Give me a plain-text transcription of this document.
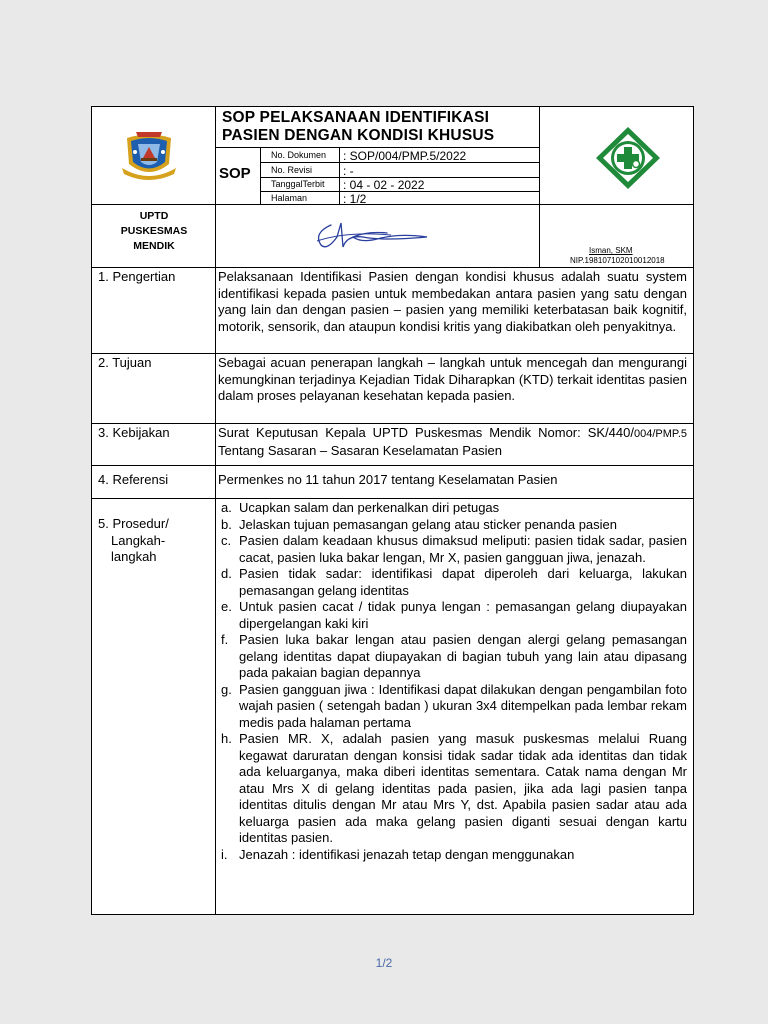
SOP PELAKSANAAN IDENTIFIKASI
PASIEN DENGAN KONDISI KHUSUS
SOP
No. Dokumen : SOP/004/PMP.5/2022
No. Revisi	: -
TanggalTerbit : 04 - 02 - 2022
Halaman	: 1/2
UPTD
PUSKESMAS
MENDIK	Isman, SKM
NIP.198107102010012018
1. Pengertian	Pelaksanaan Identifikasi Pasien dengan kondisi khusus adalah suatu system identifikasi kepada pasien untuk membedakan antara pasien yang satu dengan yang lain dan dengan pasien – pasien yang memiliki keterbatasan baik kognitif, motorik, sensorik, dan ataupun kondisi kritis yang diakibatkan oleh penyakitnya.
2. Tujuan	Sebagai acuan penerapan langkah – langkah untuk mencegah dan mengurangi kemungkinan terjadinya Kejadian Tidak Diharapkan (KTD) terkait identitas pasien dalam proses pelayanan kesehatan kepada pasien.
3. Kebijakan	Surat Keputusan Kepala UPTD Puskesmas Mendik Nomor: SK/440/004/PMP.5 Tentang Sasaran – Sasaran Keselamatan Pasien
4. Referensi	Permenkes no 11 tahun 2017 tentang Keselamatan Pasien
5. Prosedur/
Langkah-
langkah
a. Ucapkan salam dan perkenalkan diri petugas
b. Jelaskan tujuan pemasangan gelang atau sticker penanda pasien
c. Pasien dalam keadaan khusus dimaksud meliputi: pasien tidak sadar, pasien cacat, pasien luka bakar lengan, Mr X, pasien gangguan jiwa, jenazah.
d. Pasien tidak sadar: identifikasi dapat diperoleh dari keluarga, lakukan pemasangan gelang identitas
e. Untuk pasien cacat / tidak punya lengan : pemasangan gelang diupayakan dipergelangan kaki kiri
f. Pasien luka bakar lengan atau pasien dengan alergi gelang pemasangan gelang identitas dapat diupayakan di bagian tubuh yang lain atau dipasang pada pakaian bagian depannya
g. Pasien gangguan jiwa : Identifikasi dapat dilakukan dengan pengambilan foto wajah pasien ( setengah badan ) ukuran 3x4 ditempelkan pada lembar rekam medis pada halaman pertama
h. Pasien MR. X, adalah pasien yang masuk puskesmas melalui Ruang kegawat daruratan dengan konsisi tidak sadar tidak ada identitas dan tidak ada keluarganya, maka diberi identitas sementara. Catak nama dengan Mr atau Mrs X di gelang identitas pada pasien, jika ada lagi pasien tanpa identitas ditulis dengan Mr atau Mrs Y, dst. Apabila pasien sadar atau ada keluarga pasien ada maka gelang pasien diganti sesuai dengan kartu identitas pasien.
i. Jenazah : identifikasi jenazah tetap dengan menggunakan
1/2
